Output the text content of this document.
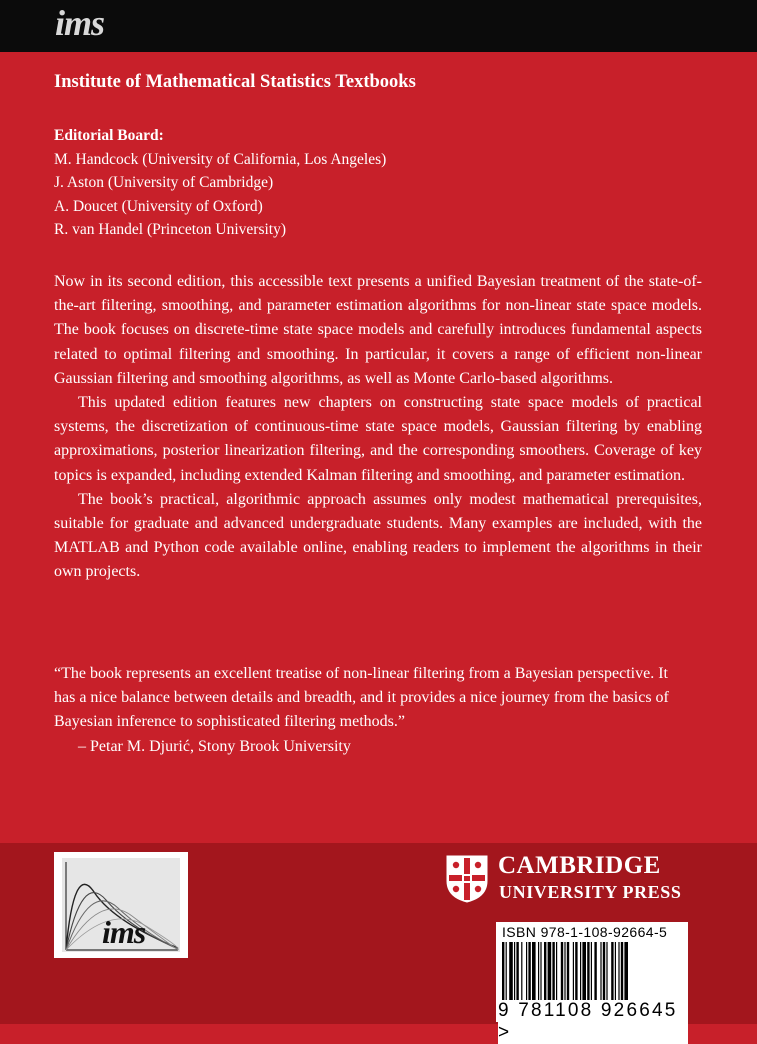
ims
Institute of Mathematical Statistics Textbooks
Editorial Board:
M. Handcock (University of California, Los Angeles)
J. Aston (University of Cambridge)
A. Doucet (University of Oxford)
R. van Handel (Princeton University)

Now in its second edition, this accessible text presents a unified Bayesian treatment of the state-of-the-art filtering, smoothing, and parameter estimation algorithms for non-linear state space models. The book focuses on discrete-time state space models and carefully introduces fundamental aspects related to optimal filtering and smoothing. In particular, it covers a range of efficient non-linear Gaussian filtering and smoothing algorithms, as well as Monte Carlo-based algorithms.

This updated edition features new chapters on constructing state space models of practical systems, the discretization of continuous-time state space models, Gaussian filtering by enabling approximations, posterior linearization filtering, and the corresponding smoothers. Coverage of key topics is expanded, including extended Kalman filtering and smoothing, and parameter estimation.

The book’s practical, algorithmic approach assumes only modest mathematical prerequisites, suitable for graduate and advanced undergraduate students. Many examples are included, with the MATLAB and Python code available online, enabling readers to implement the algorithms in their own projects.

“The book represents an excellent treatise of non-linear filtering from a Bayesian perspective. It has a nice balance between details and breadth, and it provides a nice journey from the basics of Bayesian inference to sophisticated filtering methods.”
– Petar M. Djurić, Stony Brook University
ims
CAMBRIDGE
UNIVERSITY PRESS
ISBN 978-1-108-92664-5
9 781108 926645 >
